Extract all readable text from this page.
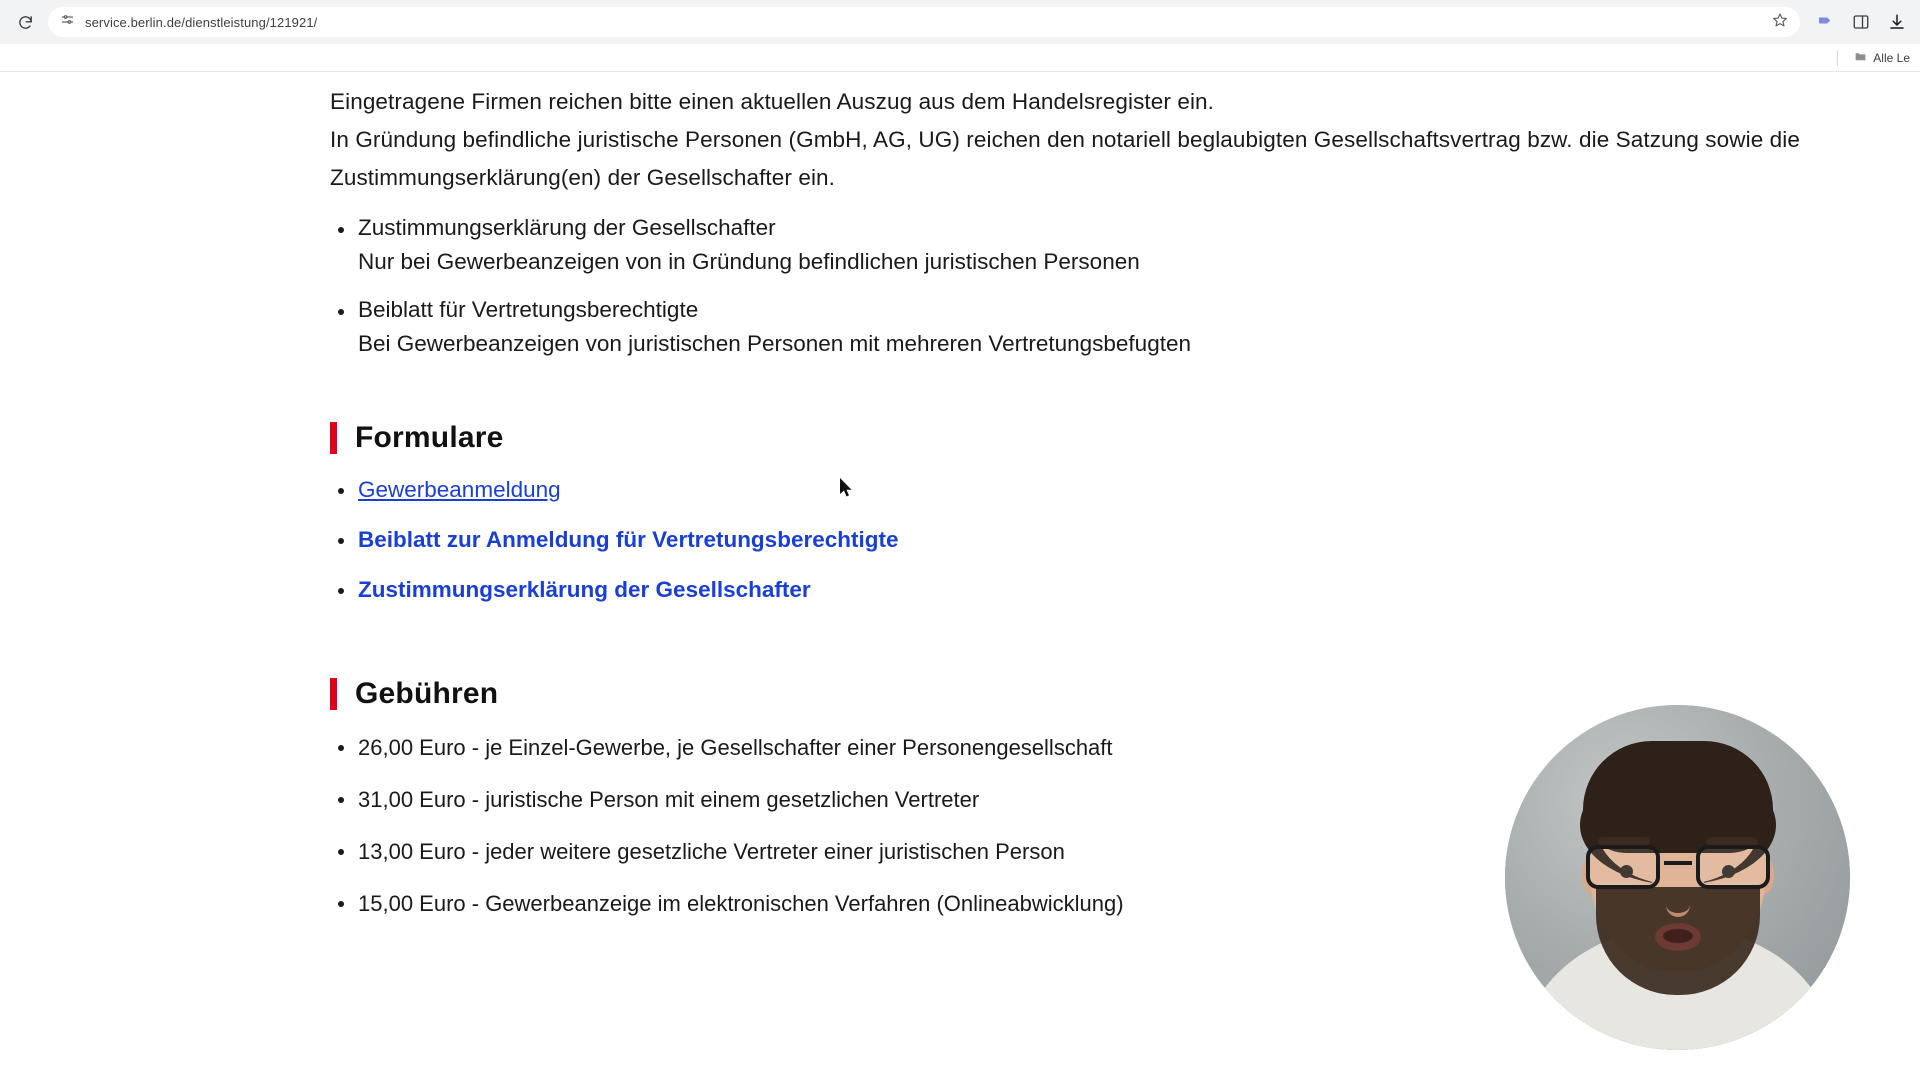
service.berlin.de/dienstleistung/121921/
Alle Le
Eingetragene Firmen reichen bitte einen aktuellen Auszug aus dem Handelsregister ein.
In Gründung befindliche juristische Personen (GmbH, AG, UG) reichen den notariell beglaubigten Gesellschaftsvertrag bzw. die Satzung sowie die Zustimmungserklärung(en) der Gesellschafter ein.
Zustimmungserklärung der Gesellschafter
Nur bei Gewerbeanzeigen von in Gründung befindlichen juristischen Personen
Beiblatt für Vertretungsberechtigte
Bei Gewerbeanzeigen von juristischen Personen mit mehreren Vertretungsbefugten
Formulare
Gewerbeanmeldung
Beiblatt zur Anmeldung für Vertretungsberechtigte
Zustimmungserklärung der Gesellschafter
Gebühren
26,00 Euro - je Einzel-Gewerbe, je Gesellschafter einer Personengesellschaft
31,00 Euro - juristische Person mit einem gesetzlichen Vertreter
13,00 Euro - jeder weitere gesetzliche Vertreter einer juristischen Person
15,00 Euro - Gewerbeanzeige im elektronischen Verfahren (Onlineabwicklung)
